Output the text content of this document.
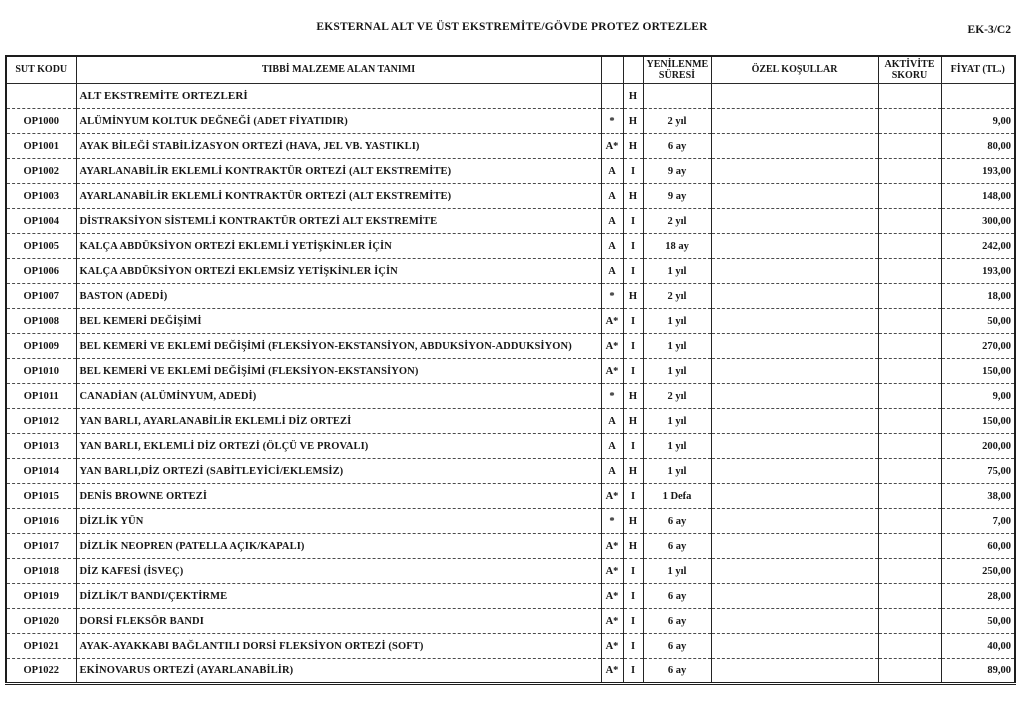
EKSTERNAL ALT VE ÜST EKSTREMİTE/GÖVDE PROTEZ ORTEZLER	EK-3/C2
SUT KODU	TIBBİ MALZEME ALAN TANIMI			YENİLENME SÜRESİ	ÖZEL KOŞULLAR	AKTİVİTE SKORU	FİYAT (TL.)
	ALT EKSTREMİTE ORTEZLERİ		H				
OP1000	ALÜMİNYUM KOLTUK DEĞNEĞİ (ADET FİYATIDIR)	*	H	2 yıl			9,00
OP1001	AYAK BİLEĞİ STABİLİZASYON ORTEZİ (HAVA, JEL VB. YASTIKLI)	A*	H	6 ay			80,00
OP1002	AYARLANABİLİR EKLEMLİ KONTRAKTÜR ORTEZİ (ALT EKSTREMİTE)	A	I	9 ay			193,00
OP1003	AYARLANABİLİR EKLEMLİ KONTRAKTÜR ORTEZİ (ALT EKSTREMİTE)	A	H	9 ay			148,00
OP1004	DİSTRAKSİYON SİSTEMLİ KONTRAKTÜR ORTEZİ ALT EKSTREMİTE	A	I	2 yıl			300,00
OP1005	KALÇA ABDÜKSİYON ORTEZİ EKLEMLİ YETİŞKİNLER İÇİN	A	I	18 ay			242,00
OP1006	KALÇA ABDÜKSİYON ORTEZİ EKLEMSİZ YETİŞKİNLER İÇİN	A	I	1 yıl			193,00
OP1007	BASTON (ADEDİ)	*	H	2 yıl			18,00
OP1008	BEL KEMERİ DEĞİŞİMİ	A*	I	1 yıl			50,00
OP1009	BEL KEMERİ VE EKLEMİ DEĞİŞİMİ (FLEKSİYON-EKSTANSİYON, ABDUKSİYON-ADDUKSİYON)	A*	I	1 yıl			270,00
OP1010	BEL KEMERİ VE EKLEMİ DEĞİŞİMİ (FLEKSİYON-EKSTANSİYON)	A*	I	1 yıl			150,00
OP1011	CANADİAN (ALÜMİNYUM, ADEDİ)	*	H	2 yıl			9,00
OP1012	YAN BARLI, AYARLANABİLİR EKLEMLİ DİZ ORTEZİ	A	H	1 yıl			150,00
OP1013	YAN BARLI, EKLEMLİ DİZ ORTEZİ (ÖLÇÜ VE PROVALI)	A	I	1 yıl			200,00
OP1014	YAN BARLI,DİZ ORTEZİ (SABİTLEYİCİ/EKLEMSİZ)	A	H	1 yıl			75,00
OP1015	DENİS BROWNE ORTEZİ	A*	I	1 Defa			38,00
OP1016	DİZLİK YÜN	*	H	6 ay			7,00
OP1017	DİZLİK NEOPREN (PATELLA AÇIK/KAPALI)	A*	H	6 ay			60,00
OP1018	DİZ KAFESİ (İSVEÇ)	A*	I	1 yıl			250,00
OP1019	DİZLİK/T BANDI/ÇEKTİRME	A*	I	6 ay			28,00
OP1020	DORSİ FLEKSÖR BANDI	A*	I	6 ay			50,00
OP1021	AYAK-AYAKKABI BAĞLANTILI DORSİ FLEKSİYON ORTEZİ (SOFT)	A*	I	6 ay			40,00
OP1022	EKİNOVARUS ORTEZİ (AYARLANABİLİR)	A*	I	6 ay			89,00
